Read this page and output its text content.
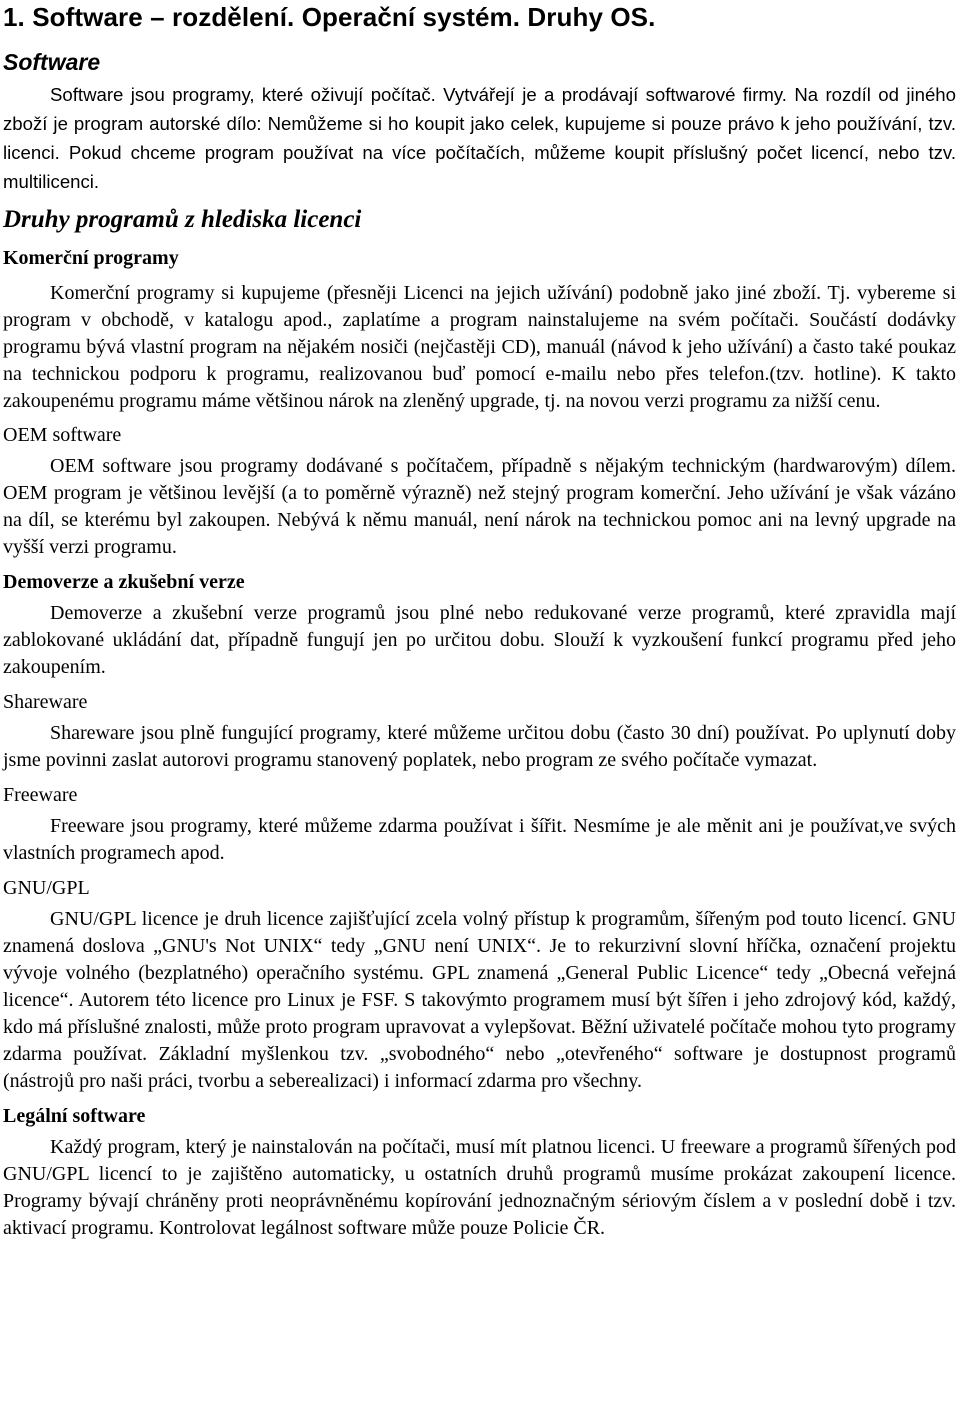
1. Software – rozdělení. Operační systém. Druhy OS.
Software

Software jsou programy, které oživují počítač. Vytvářejí je a prodávají softwarové firmy. Na rozdíl od jiného zboží je program autorské dílo: Nemůžeme si ho koupit jako celek, kupujeme si pouze právo k jeho používání, tzv. licenci. Pokud chceme program používat na více počítačích, můžeme koupit příslušný počet licencí, nebo tzv. multilicenci.

Druhy programů z hlediska licenci
Komerční programy

Komerční programy si kupujeme (přesněji Licenci na jejich užívání) podobně jako jiné zboží. Tj. vybereme si program v obchodě, v katalogu apod., zaplatíme a program nainstalujeme na svém počítači. Součástí dodávky programu bývá vlastní program na nějakém nosiči (nejčastěji CD), manuál (návod k jeho užívání) a často také poukaz na technickou podporu k programu, realizovanou buď pomocí e-mailu nebo přes telefon.(tzv. hotline). K takto zakoupenému programu máme většinou nárok na zleněný upgrade, tj. na novou verzi programu za nižší cenu.

OEM software

OEM software jsou programy dodávané s počítačem, případně s nějakým technickým (hardwarovým) dílem. OEM program je většinou levější (a to poměrně výrazně) než stejný program komerční. Jeho užívání je však vázáno na díl, se kterému byl zakoupen. Nebývá k němu manuál, není nárok na technickou pomoc ani na levný upgrade na vyšší verzi programu.

Demoverze a zkušební verze

Demoverze a zkušební verze programů jsou plné nebo redukované verze programů, které zpravidla mají zablokované ukládání dat, případně fungují jen po určitou dobu. Slouží k vyzkoušení funkcí programu před jeho zakoupením.

Shareware

Shareware jsou plně fungující programy, které můžeme určitou dobu (často 30 dní) používat. Po uplynutí doby jsme povinni zaslat autorovi programu stanovený poplatek, nebo program ze svého počítače vymazat.

Freeware

Freeware jsou programy, které můžeme zdarma používat i šířit. Nesmíme je ale měnit ani je používat,ve svých vlastních programech apod.

GNU/GPL

GNU/GPL licence je druh licence zajišťující zcela volný přístup k programům, šířeným pod touto licencí. GNU znamená doslova „GNU's Not UNIX“ tedy „GNU není UNIX“. Je to rekurzivní slovní hříčka, označení projektu vývoje volného (bezplatného) operačního systému. GPL znamená „General Public Licence“ tedy „Obecná veřejná licence“. Autorem této licence pro Linux je FSF. S takovýmto programem musí být šířen i jeho zdrojový kód, každý, kdo má příslušné znalosti, může proto program upravovat a vylepšovat. Běžní uživatelé počítače mohou tyto programy zdarma používat. Základní myšlenkou tzv. „svobodného“ nebo „otevřeného“ software je dostupnost programů (nástrojů pro naši práci, tvorbu a seberealizaci) i informací zdarma pro všechny.

Legální software

Každý program, který je nainstalován na počítači, musí mít platnou licenci. U freeware a programů šířených pod GNU/GPL licencí to je zajištěno automaticky, u ostatních druhů programů musíme prokázat zakoupení licence. Programy bývají chráněny proti neoprávněnému kopírování jednoznačným sériovým číslem a v poslední době i tzv. aktivací programu. Kontrolovat legálnost software může pouze Policie ČR.
